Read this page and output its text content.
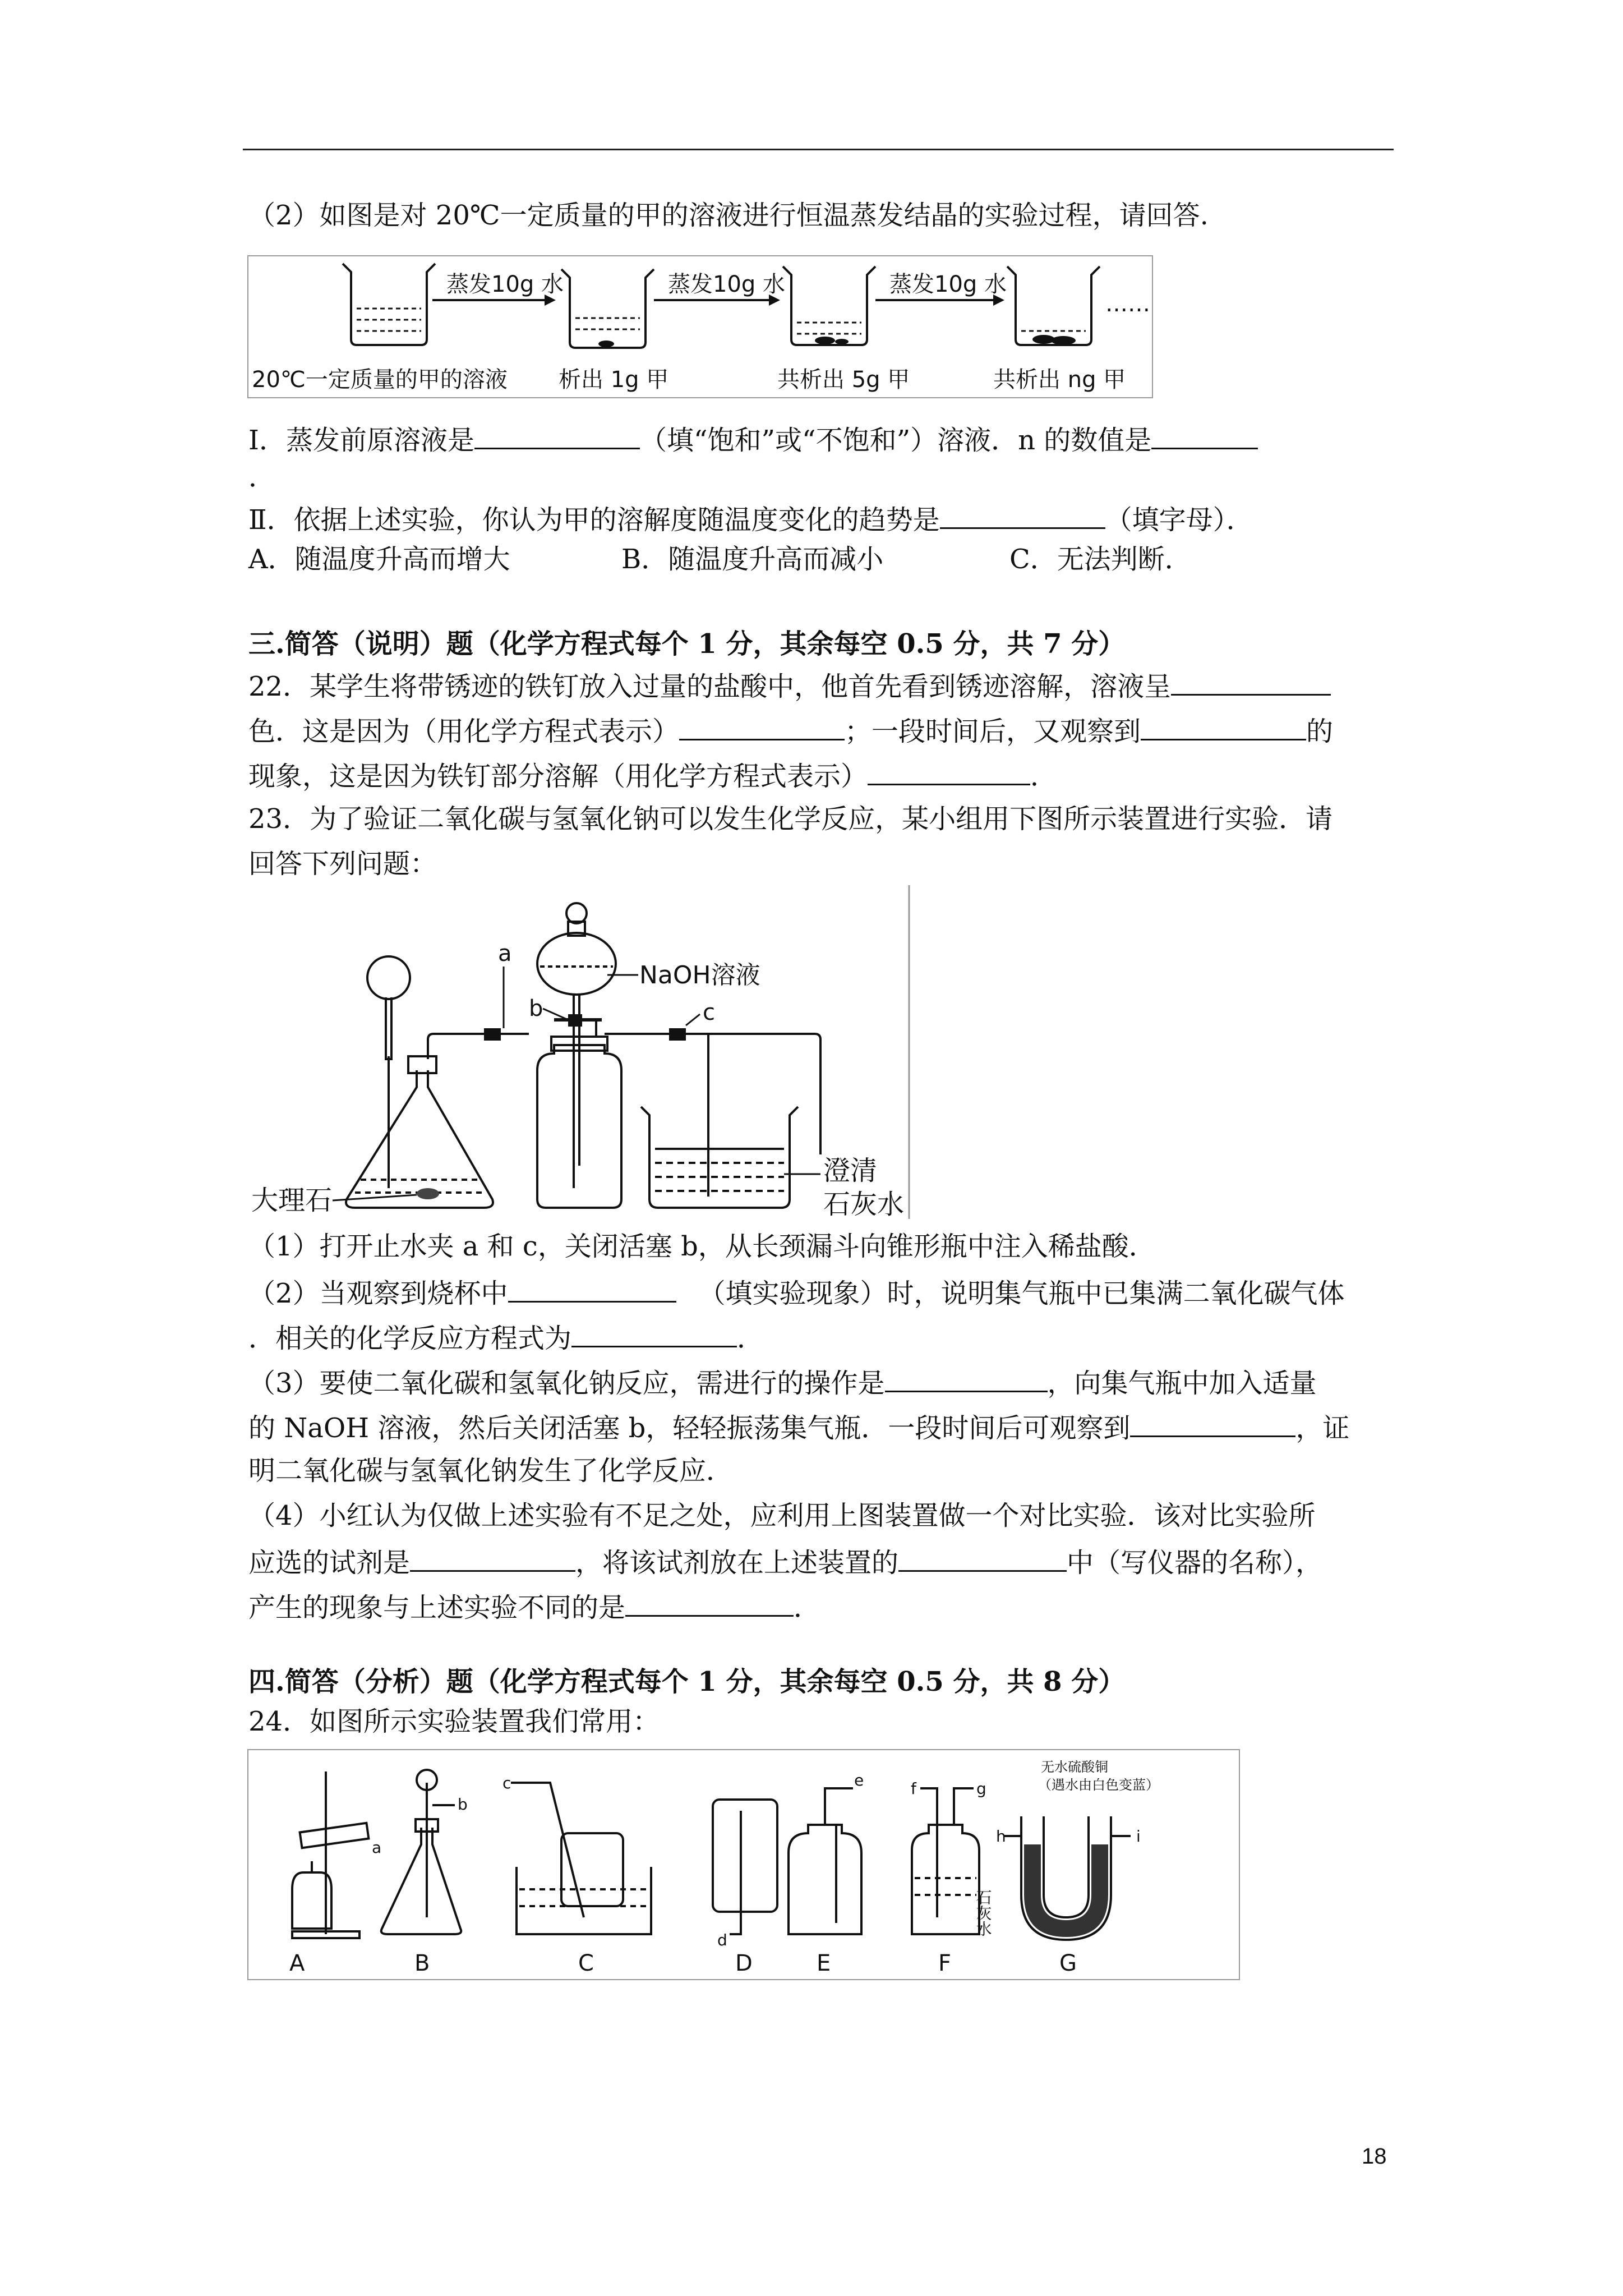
（2）如图是对 20℃一定质量的甲的溶液进行恒温蒸发结晶的实验过程，请回答.
蒸发10g 水	蒸发10g 水	蒸发10g 水
……
20℃一定质量的甲的溶液 析出 1g 甲	共析出 5g 甲	共析出 ng 甲
Ⅰ．蒸发前原溶液是	（填“饱和”或“不饱和”）溶液．n 的数值是
．
Ⅱ．依据上述实验，你认为甲的溶解度随温度变化的趋势是	（填字母）．
A．随温度升高而增大	B．随温度升高而减小	C．无法判断．
三.简答（说明）题（化学方程式每个 1 分，其余每空 0.5 分，共 7 分）
22．某学生将带锈迹的铁钉放入过量的盐酸中，他首先看到锈迹溶解，溶液呈
色．这是因为（用化学方程式表示）	；一段时间后，又观察到	的
现象，这是因为铁钉部分溶解（用化学方程式表示）	．
23．为了验证二氧化碳与氢氧化钠可以发生化学反应，某小组用下图所示装置进行实验．请
回答下列问题：
a
b	c
NaOH溶液
大理石
澄清
石灰水
（1）打开止水夹 a 和 c，关闭活塞 b，从长颈漏斗向锥形瓶中注入稀盐酸．
（2）当观察到烧杯中	（填实验现象）时，说明集气瓶中已集满二氧化碳气体
．相关的化学反应方程式为	．
（3）要使二氧化碳和氢氧化钠反应，需进行的操作是	，向集气瓶中加入适量
的 NaOH 溶液，然后关闭活塞 b，轻轻振荡集气瓶．一段时间后可观察到	，证
明二氧化碳与氢氧化钠发生了化学反应．
（4）小红认为仅做上述实验有不足之处，应利用上图装置做一个对比实验．该对比实验所
应选的试剂是	，将该试剂放在上述装置的	中（写仪器的名称），
产生的现象与上述实验不同的是	．
四.简答（分析）题（化学方程式每个 1 分，其余每空 0.5 分，共 8 分）
24．如图所示实验装置我们常用：
A	B	C	D	E	F	G
a
b
c
d
e	f	g
h	i
石灰水
无水硫酸铜
（遇水由白色变蓝）
18
